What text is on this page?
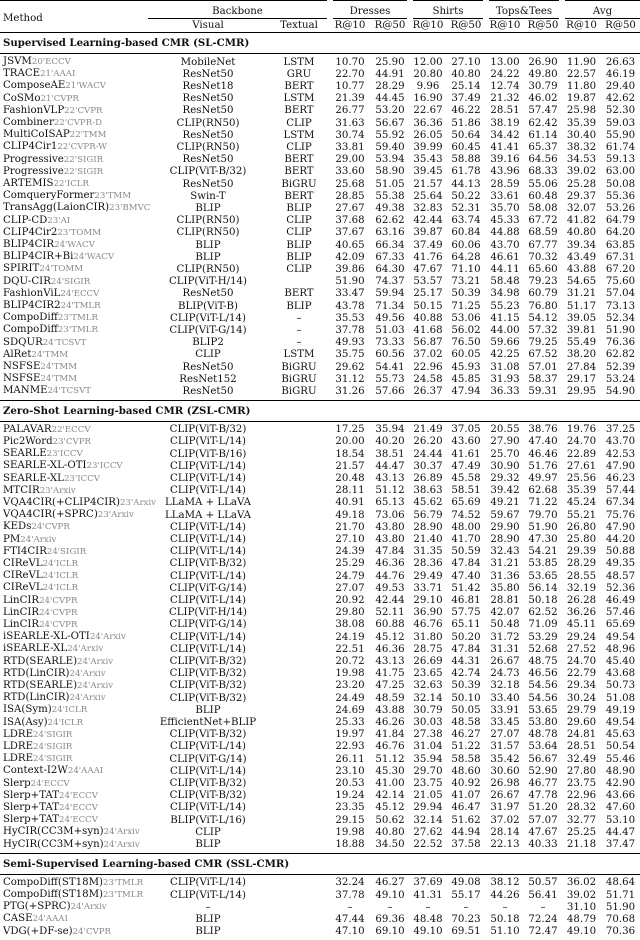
Method	Backbone		Dresses		Shirts		Tops&Tees		Avg	
	Visual	Textual	R@10	R@50	R@10	R@50	R@10	R@50	R@10	R@50
Supervised Learning-based CMR (SL-CMR)										
JSVM20'ECCV	MobileNet	LSTM	10.70	25.90	12.00	27.10	13.00	26.90	11.90	26.63
TRACE21'AAAI	ResNet50	GRU	22.70	44.91	20.80	40.80	24.22	49.80	22.57	46.19
ComposeAE21'WACV	ResNet18	BERT	10.77	28.29	9.96	25.14	12.74	30.79	11.80	29.40
CoSMo21'CVPR	ResNet50	LSTM	21.39	44.45	16.90	37.49	21.32	46.02	19.87	42.62
FashionVLP22'CVPR	ResNet50	BERT	26.77	53.20	22.67	46.22	28.51	57.47	25.98	52.30
Combiner22'CVPR-D	CLIP(RN50)	CLIP	31.63	56.67	36.36	51.86	38.19	62.42	35.39	59.03
MultiCoISAP22'TMM	ResNet50	LSTM	30.74	55.92	26.05	50.64	34.42	61.14	30.40	55.90
CLIP4Cir122'CVPR-W	CLIP(RN50)	CLIP	33.81	59.40	39.99	60.45	41.41	65.37	38.32	61.74
Progressive22'SIGIR	ResNet50	BERT	29.00	53.94	35.43	58.88	39.16	64.56	34.53	59.13
Progressive22'SIGIR	CLIP(ViT-B/32)	BERT	33.60	58.90	39.45	61.78	43.96	68.33	39.02	63.00
ARTEMIS22'ICLR	ResNet50	BiGRU	25.68	51.05	21.57	44.13	28.59	55.06	25.28	50.08
ComqueryFormer23'TMM	Swin-T	BERT	28.85	55.38	25.64	50.22	33.61	60.48	29.37	55.36
TransAgg(LaionCIR)23'BMVC	BLIP	BLIP	27.67	49.38	32.83	52.31	35.70	58.08	32.07	53.26
CLIP-CD23'AI	CLIP(RN50)	CLIP	37.68	62.62	42.44	63.74	45.33	67.72	41.82	64.79
CLIP4Cir223'TOMM	CLIP(RN50)	CLIP	37.67	63.16	39.87	60.84	44.88	68.59	40.80	64.20
BLIP4CIR24'WACV	BLIP	BLIP	40.65	66.34	37.49	60.06	43.70	67.77	39.34	63.85
BLIP4CIR+Bi24'WACV	BLIP	BLIP	42.09	67.33	41.76	64.28	46.61	70.32	43.49	67.31
SPIRIT24'TOMM	CLIP(RN50)	CLIP	39.86	64.30	47.67	71.10	44.11	65.60	43.88	67.20
DQU-CIR24'SIGIR	CLIP(ViT-H/14)		51.90	74.37	53.57	73.21	58.48	79.23	54.65	75.60
FashionViL24'ECCV	ResNet50	BERT	33.47	59.94	25.17	50.39	34.98	60.79	31.21	57.04
BLIP4CIR224'TMLR	BLIP(ViT-B)	BLIP	43.78	71.34	50.15	71.25	55.23	76.80	51.17	73.13
CompoDiff23'TMLR	CLIP(ViT-L/14)	–	35.53	49.56	40.88	53.06	41.15	54.12	39.05	52.34
CompoDiff23'TMLR	CLIP(ViT-G/14)	–	37.78	51.03	41.68	56.02	44.00	57.32	39.81	51.90
SDQUR24'TCSVT	BLIP2	–	49.93	73.33	56.87	76.50	59.66	79.25	55.49	76.36
AlRet24'TMM	CLIP	LSTM	35.75	60.56	37.02	60.05	42.25	67.52	38.20	62.82
NSFSE24'TMM	ResNet50	BiGRU	29.62	54.41	22.96	45.93	31.08	57.01	27.84	52.39
NSFSE24'TMM	ResNet152	BiGRU	31.12	55.73	24.58	45.85	31.93	58.37	29.17	53.24
MANME24'TCSVT	ResNet50	BiGRU	31.26	57.66	26.37	47.94	36.33	59.31	29.95	54.90
Zero-Shot Learning-based CMR (ZSL-CMR)										
PALAVAR22'ECCV	CLIP(ViT-B/32)		17.25	35.94	21.49	37.05	20.55	38.76	19.76	37.25
Pic2Word23'CVPR	CLIP(ViT-L/14)		20.00	40.20	26.20	43.60	27.90	47.40	24.70	43.70
SEARLE23'ICCV	CLIP(ViT-B/16)		18.54	38.51	24.44	41.61	25.70	46.46	22.89	42.53
SEARLE-XL-OTI23'ICCV	CLIP(ViT-L/14)		21.57	44.47	30.37	47.49	30.90	51.76	27.61	47.90
SEARLE-XL23'ICCV	CLIP(ViT-L/14)		20.48	43.13	26.89	45.58	29.32	49.97	25.56	46.23
MTCIR23'Arxiv	CLIP(ViT-L/14)		28.11	51.12	38.63	58.51	39.42	62.68	35.39	57.44
VQA4CIR(+CLIP4CIR)23'Arxiv	LLaMA + LLaVA		40.91	65.13	45.62	65.69	49.21	71.22	45.24	67.34
VQA4CIR(+SPRC)23'Arxiv	LLaMA + LLaVA		49.18	73.06	56.79	74.52	59.67	79.70	55.21	75.76
KEDs24'CVPR	CLIP(ViT-L/14)		21.70	43.80	28.90	48.00	29.90	51.90	26.80	47.90
PM24'Arxiv	CLIP(ViT-L/14)		27.10	43.80	21.40	41.70	28.90	47.30	25.80	44.20
FTI4CIR24'SIGIR	CLIP(ViT-L/14)		24.39	47.84	31.35	50.59	32.43	54.21	29.39	50.88
CIReVL24'ICLR	CLIP(ViT-B/32)		25.29	46.36	28.36	47.84	31.21	53.85	28.29	49.35
CIReVL24'ICLR	CLIP(ViT-L/14)		24.79	44.76	29.49	47.40	31.36	53.65	28.55	48.57
CIReVL24'ICLR	CLIP(ViT-G/14)		27.07	49.53	33.71	51.42	35.80	56.14	32.19	52.36
LinCIR24'CVPR	CLIP(ViT-L/14)		20.92	42.44	29.10	46.81	28.81	50.18	26.28	46.49
LinCIR24'CVPR	CLIP(ViT-H/14)		29.80	52.11	36.90	57.75	42.07	62.52	36.26	57.46
LinCIR24'CVPR	CLIP(ViT-G/14)		38.08	60.88	46.76	65.11	50.48	71.09	45.11	65.69
iSEARLE-XL-OTI24'Arxiv	CLIP(ViT-L/14)		24.19	45.12	31.80	50.20	31.72	53.29	29.24	49.54
iSEARLE-XL24'Arxiv	CLIP(ViT-L/14)		22.51	46.36	28.75	47.84	31.31	52.68	27.52	48.96
RTD(SEARLE)24'Arxiv	CLIP(ViT-B/32)		20.72	43.13	26.69	44.31	26.67	48.75	24.70	45.40
RTD(LinCIR)24'Arxiv	CLIP(ViT-B/32)		19.98	41.75	23.65	42.74	24.73	46.56	22.79	43.68
RTD(SEARLE)24'Arxiv	CLIP(ViT-B/32)		23.20	47.25	32.63	50.39	32.18	54.56	29.34	50.73
RTD(LinCIR)24'Arxiv	CLIP(ViT-B/32)		24.49	48.59	32.14	50.10	33.40	54.56	30.24	51.08
ISA(Sym)24'ICLR	BLIP		24.69	43.88	30.79	50.05	33.91	53.65	29.79	49.19
ISA(Asy)24'ICLR	EfficientNet+BLIP		25.33	46.26	30.03	48.58	33.45	53.80	29.60	49.54
LDRE24'SIGIR	CLIP(ViT-B/32)		19.97	41.84	27.38	46.27	27.07	48.78	24.81	45.63
LDRE24'SIGIR	CLIP(ViT-L/14)		22.93	46.76	31.04	51.22	31.57	53.64	28.51	50.54
LDRE24'SIGIR	CLIP(ViT-G/14)		26.11	51.12	35.94	58.58	35.42	56.67	32.49	55.46
Context-I2W24'AAAI	CLIP(ViT-L/14)		23.10	45.30	29.70	48.60	30.60	52.90	27.80	48.90
Slerp24'ECCV	CLIP(ViT-B/32)		20.53	41.00	23.75	40.92	26.98	46.77	23.75	42.90
Slerp+TAT24'ECCV	CLIP(ViT-B/32)		19.24	42.14	21.05	41.07	26.67	47.78	22.96	43.66
Slerp+TAT24'ECCV	CLIP(ViT-L/14)		23.35	45.12	29.94	46.47	31.97	51.20	28.32	47.60
Slerp+TAT24'ECCV	BLIP(ViT-L/16)		29.15	50.62	32.14	51.62	37.02	57.07	32.77	53.10
HyCIR(CC3M+syn)24'Arxiv	CLIP		19.98	40.80	27.62	44.94	28.14	47.67	25.25	44.47
HyCIR(CC3M+syn)24'Arxiv	BLIP		18.88	34.50	22.52	37.58	22.13	40.33	21.18	37.47
Semi-Supervised Learning-based CMR (SSL-CMR)										
CompoDiff(ST18M)23'TMLR	CLIP(ViT-L/14)		32.24	46.27	37.69	49.08	38.12	50.57	36.02	48.64
CompoDiff(ST18M)23'TMLR	CLIP(ViT-L/14)		37.78	49.10	41.31	55.17	44.26	56.41	39.02	51.71
PTG(+SPRC)24'Arxiv	–		–	–	–	–	–	–	31.10	51.90
CASE24'AAAI	BLIP		47.44	69.36	48.48	70.23	50.18	72.24	48.79	70.68
VDG(+DF-se)24'CVPR	BLIP		47.10	69.10	49.10	69.51	51.10	72.47	49.10	70.36
